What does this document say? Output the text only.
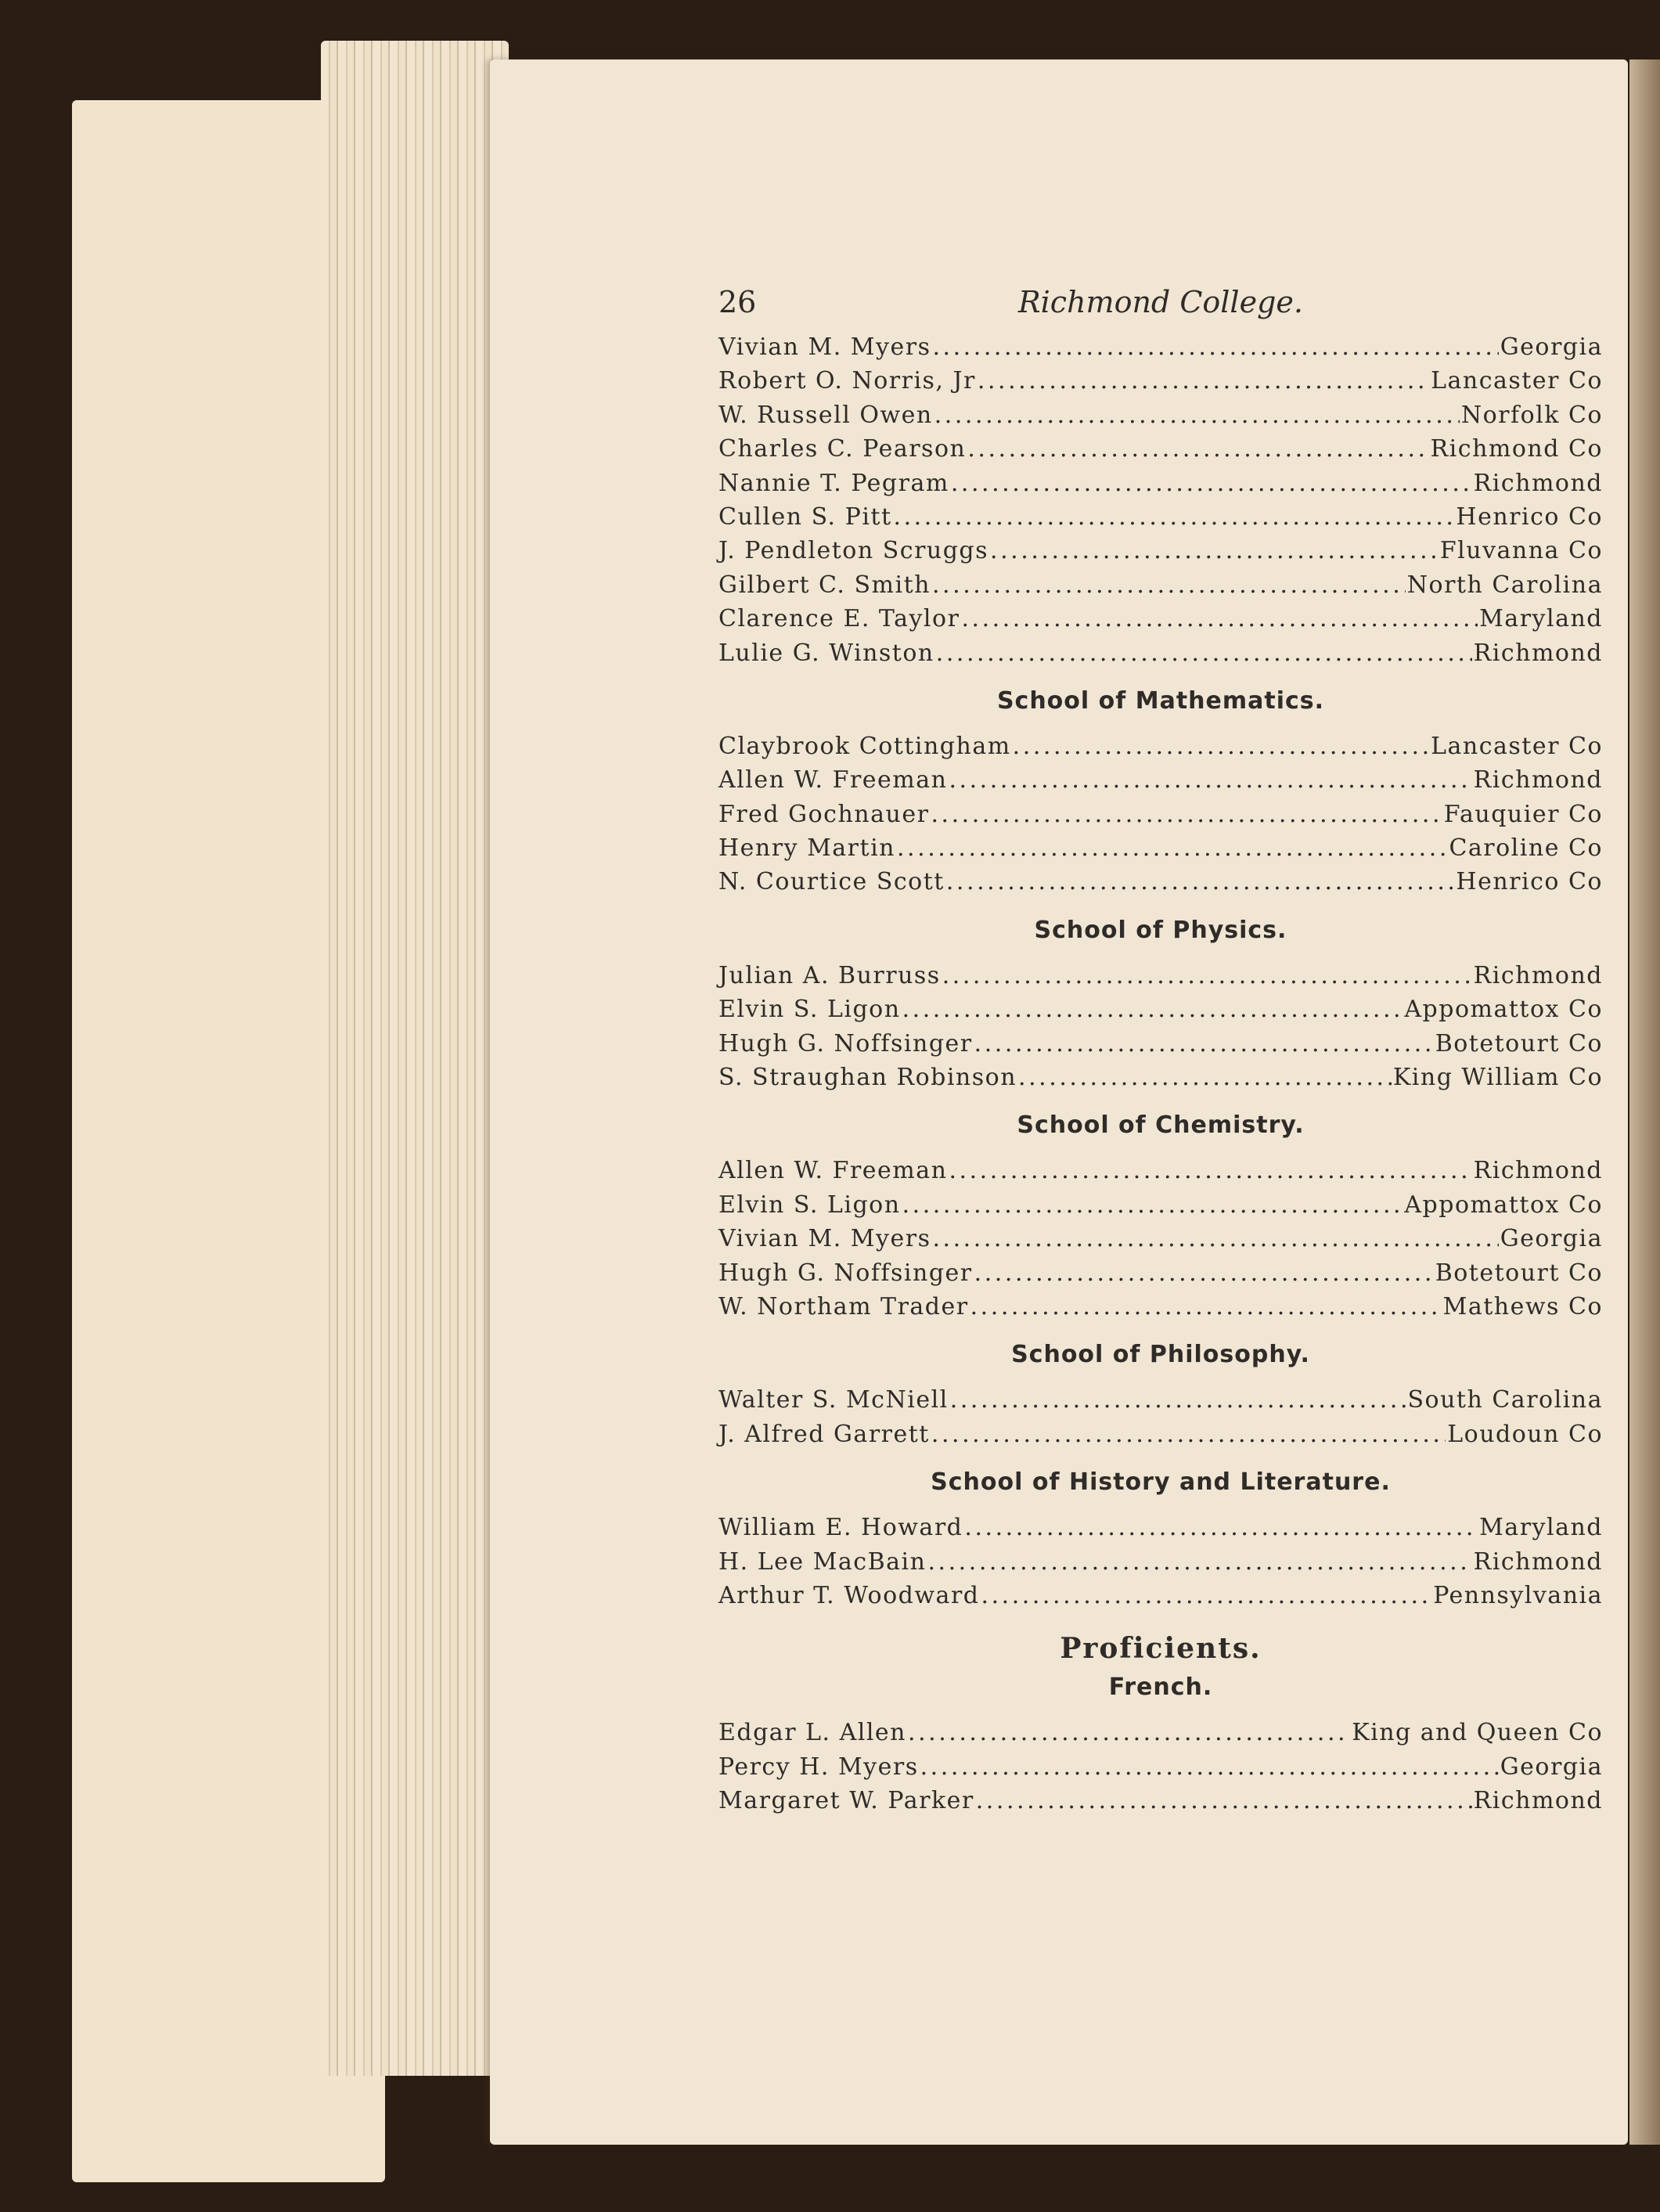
26	Richmond College.
Vivian M. Myers . . .	Georgia
Robert O. Norris, Jr . . .	Lancaster Co
W. Russell Owen . . .	Norfolk Co
Charles C. Pearson . . .	Richmond Co
Nannie T. Pegram . . .	Richmond
Cullen S. Pitt . . .	Henrico Co
J. Pendleton Scruggs . . .	Fluvanna Co
Gilbert C. Smith . . .	North Carolina
Clarence E. Taylor . . .	Maryland
Lulie G. Winston . . .	Richmond
School of Mathematics.
Claybrook Cottingham . . .	Lancaster Co
Allen W. Freeman . . .	Richmond
Fred Gochnauer . . .	Fauquier Co
Henry Martin . . .	Caroline Co
N. Courtice Scott . . .	Henrico Co
School of Physics.
Julian A. Burruss . . .	Richmond
Elvin S. Ligon . . .	Appomattox Co
Hugh G. Noffsinger . . .	Botetourt Co
S. Straughan Robinson . . .	King William Co
School of Chemistry.
Allen W. Freeman . . .	Richmond
Elvin S. Ligon . . .	Appomattox Co
Vivian M. Myers . . .	Georgia
Hugh G. Noffsinger . . .	Botetourt Co
W. Northam Trader . . .	Mathews Co
School of Philosophy.
Walter S. McNiell . . .	South Carolina
J. Alfred Garrett . . .	Loudoun Co
School of History and Literature.
William E. Howard . . .	Maryland
H. Lee MacBain . . .	Richmond
Arthur T. Woodward . . .	Pennsylvania
Proficients.
French.
Edgar L. Allen . . .	King and Queen Co
Percy H. Myers . . .	Georgia
Margaret W. Parker . . .	Richmond
